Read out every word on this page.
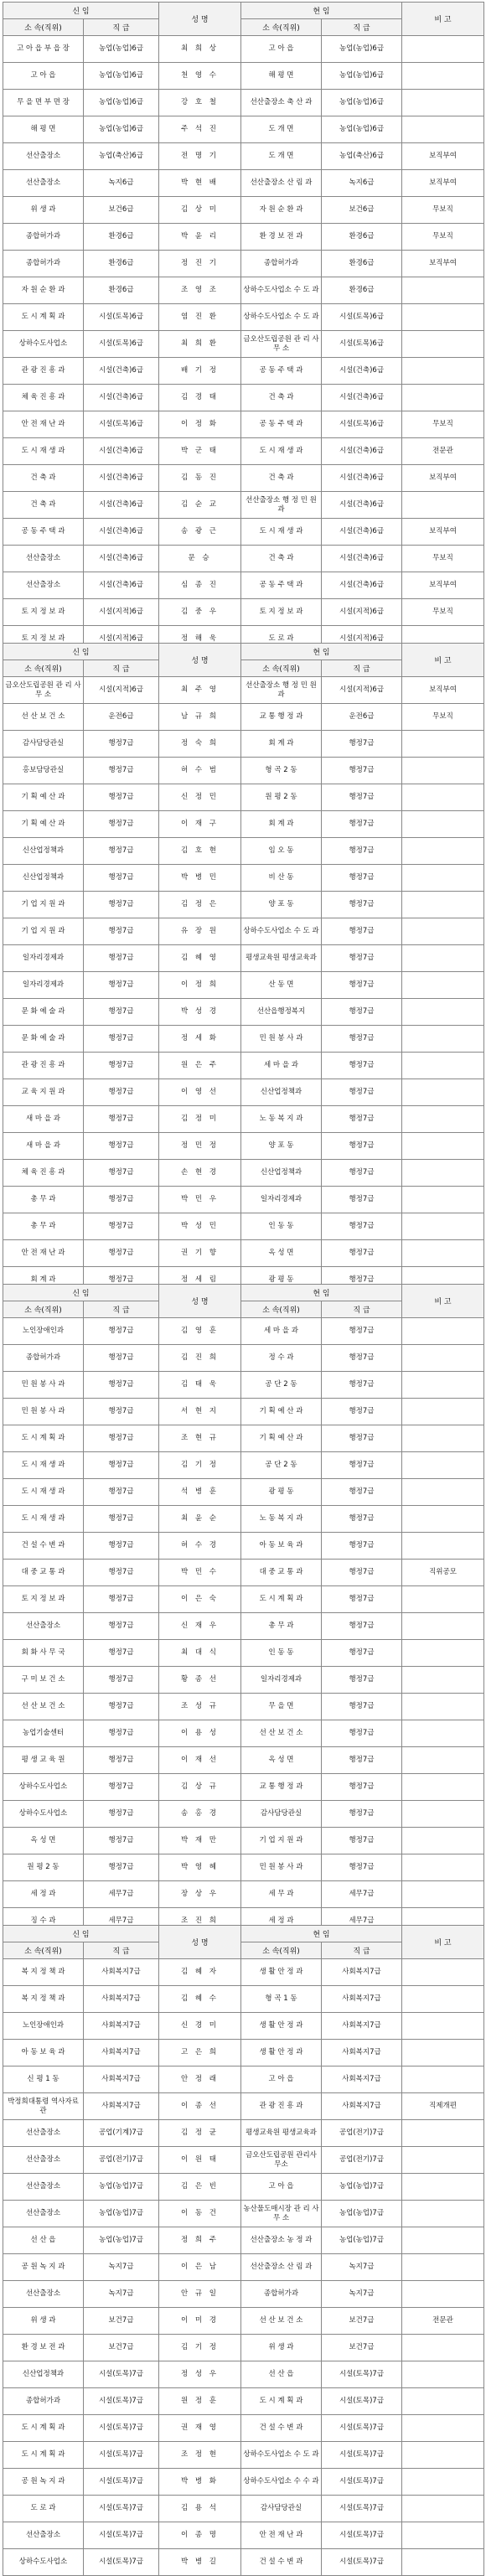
신 임		성 명	현 임		비 고
소 속(직위)	직 급		소 속(직위)	직 급	
고 아 읍 부 읍 장	농업(농업)6급	최 희 상	고 아 읍	농업(농업)6급	
고 아 읍	농업(농업)6급	천 영 수	해 평 면	농업(농업)6급	
무 을 면 부 면 장	농업(농업)6급	강 호 철	선산출장소 축 산 과	농업(농업)6급	
해 평 면	농업(농업)6급	주 석 진	도 개 면	농업(농업)6급	
선산출장소	농업(축산)6급	전 명 기	도 개 면	농업(축산)6급	보직부여
선산출장소	녹지6급	박 현 배	선산출장소 산 림 과	녹지6급	보직부여
위 생 과	보건6급	김 상 미	자 원 순 환 과	보건6급	무보직
종합허가과	환경6급	박 윤 리	환 경 보 전 과	환경6급	무보직
종합허가과	환경6급	정 진 기	종합허가과	환경6급	보직부여
자 원 순 환 과	환경6급	조 영 조	상하수도사업소 수 도 과	환경6급	
도 시 계 획 과	시설(토목)6급	염 진 환	상하수도사업소 수 도 과	시설(토목)6급	
상하수도사업소	시설(토목)6급	최 희 환	금오산도립공원 관 리 사 무 소	시설(토목)6급	
관 광 진 흥 과	시설(건축)6급	배 기 정	공 동 주 택 과	시설(건축)6급	
체 육 진 흥 과	시설(건축)6급	김 경 태	건 축 과	시설(건축)6급	
안 전 재 난 과	시설(토목)6급	이 정 화	공 동 주 택 과	시설(토목)6급	무보직
도 시 재 생 과	시설(건축)6급	박 군 태	도 시 재 생 과	시설(건축)6급	전문관
건 축 과	시설(건축)6급	김 동 진	건 축 과	시설(건축)6급	보직부여
건 축 과	시설(건축)6급	김 순 교	선산출장소 행 정 민 원 과	시설(건축)6급	
공 동 주 택 과	시설(건축)6급	송 광 근	도 시 재 생 과	시설(건축)6급	보직부여
선산출장소	시설(건축)6급	문 승	건 축 과	시설(건축)6급	무보직
선산출장소	시설(건축)6급	심 종 진	공 동 주 택 과	시설(건축)6급	보직부여
토 지 정 보 과	시설(지적)6급	김 중 우	토 지 정 보 과	시설(지적)6급	무보직
토 지 정 보 과	시설(지적)6급	정 해 욱	도 로 과	시설(지적)6급	
신 임		성 명	현 임		비 고
소 속(직위)	직 급		소 속(직위)	직 급	
금오산도립공원 관 리 사 무 소	시설(지적)6급	최 주 영	선산출장소 행 정 민 원 과	시설(지적)6급	보직부여
선 산 보 건 소	운전6급	남 규 희	교 통 행 정 과	운전6급	무보직
감사담당관실	행정7급	정 숙 희	회 계 과	행정7급	
홍보담당관실	행정7급	허 수 범	형 곡 2 동	행정7급	
기 획 예 산 과	행정7급	신 정 민	원 평 2 동	행정7급	
기 획 예 산 과	행정7급	이 재 구	회 계 과	행정7급	
신산업정책과	행정7급	김 호 현	임 오 동	행정7급	
신산업정책과	행정7급	박 병 민	비 산 동	행정7급	
기 업 지 원 과	행정7급	김 정 은	양 포 동	행정7급	
기 업 지 원 과	행정7급	유 장 원	상하수도사업소 수 도 과	행정7급	
일자리경제과	행정7급	김 혜 영	평생교육원 평생교육과	행정7급	
일자리경제과	행정7급	이 정 희	산 동 면	행정7급	
문 화 예 술 과	행정7급	박 성 경	선산읍행정복지	행정7급	
문 화 예 술 과	행정7급	정 세 화	민 원 봉 사 과	행정7급	
관 광 진 흥 과	행정7급	원 은 주	세 마 을 과	행정7급	
교 육 지 원 과	행정7급	이 영 선	신산업정책과	행정7급	
새 마 을 과	행정7급	김 정 미	노 동 복 지 과	행정7급	
새 마 을 과	행정7급	정 민 정	양 포 동	행정7급	
체 육 진 흥 과	행정7급	손 현 경	신산업정책과	행정7급	
총 무 과	행정7급	박 민 우	일자리경제과	행정7급	
총 무 과	행정7급	박 성 민	인 동 동	행정7급	
안 전 재 난 과	행정7급	권 기 향	옥 성 면	행정7급	
회 계 과	행정7급	정 세 림	광 평 동	행정7급	
신 임		성 명	현 임		비 고
소 속(직위)	직 급		소 속(직위)	직 급	
노인장애인과	행정7급	김 영 훈	세 마 을 과	행정7급	
종합허가과	행정7급	김 진 희	정 수 과	행정7급	
민 원 봉 사 과	행정7급	김 태 욱	공 단 2 동	행정7급	
민 원 봉 사 과	행정7급	서 현 지	기 획 예 산 과	행정7급	
도 시 계 획 과	행정7급	조 현 규	기 획 예 산 과	행정7급	
도 시 재 생 과	행정7급	김 기 정	공 단 2 동	행정7급	
도 시 재 생 과	행정7급	석 병 훈	광 평 동	행정7급	
도 시 재 생 과	행정7급	최 윤 순	노 동 복 지 과	행정7급	
건 설 수 변 과	행정7급	허 수 경	아 동 보 육 과	행정7급	
대 중 교 통 과	행정7급	박 민 수	대 중 교 통 과	행정7급	직위공모
토 지 정 보 과	행정7급	이 은 숙	도 시 계 획 과	행정7급	
선산출장소	행정7급	신 재 우	총 무 과	행정7급	
회 화 사 무 국	행정7급	최 대 식	인 동 동	행정7급	
구 미 보 건 소	행정7급	황 종 선	일자리경제과	행정7급	
선 산 보 건 소	행정7급	조 성 규	무 을 면	행정7급	
농업기술센터	행정7급	이 용 성	선 산 보 건 소	행정7급	
평 생 교 육 원	행정7급	이 재 선	옥 성 면	행정7급	
상하수도사업소	행정7급	김 상 규	교 통 행 정 과	행정7급	
상하수도사업소	행정7급	송 홍 경	감사담당관실	행정7급	
옥 성 면	행정7급	박 재 만	기 업 지 원 과	행정7급	
원 평 2 동	행정7급	박 영 혜	민 원 봉 사 과	행정7급	
세 정 과	세무7급	장 상 우	세 무 과	세무7급	
징 수 과	세무7급	조 진 희	세 정 과	세무7급	
신 임		성 명	현 임		비 고
소 속(직위)	직 급		소 속(직위)	직 급	
복 지 정 책 과	사회복지7급	김 혜 자	생 활 안 정 과	사회복지7급	
복 지 정 책 과	사회복지7급	김 혜 수	형 곡 1 동	사회복지7급	
노인장애인과	사회복지7급	신 경 미	생 활 안 정 과	사회복지7급	
아 동 보 육 과	사회복지7급	고 은 희	생 활 안 정 과	사회복지7급	
신 평 1 동	사회복지7급	안 정 래	고 아 읍	사회복지7급	
박정희대통령 역사자료관	사회복지7급	이 종 선	관 광 진 흥 과	사회복지7급	직제개편
선산출장소	공업(기계)7급	김 정 균	평생교육원 평생교육과	공업(전기)7급	
선산출장소	공업(전기)7급	이 원 태	금오산도립공원 관리사무소	공업(전기)7급	
선산출장소	농업(농업)7급	김 은 빈	고 아 읍	농업(농업)7급	
선산출장소	농업(농업)7급	이 동 건	농산물도매시장 관 리 사 무 소	농업(농업)7급	
선 산 읍	농업(농업)7급	정 희 주	선산출장소 농 정 과	농업(농업)7급	
공 원 녹 지 과	녹지7급	이 은 남	선산출장소 산 림 과	녹지7급	
선산출장소	녹지7급	안 규 일	종합허가과	녹지7급	
위 생 과	보건7급	이 미 경	선 산 보 건 소	보건7급	전문관
환 경 보 전 과	보건7급	김 기 정	위 생 과	보건7급	
신산업정책과	시설(토목)7급	정 성 우	선 산 읍	시설(토목)7급	
종합허가과	시설(토목)7급	원 정 훈	도 시 계 획 과	시설(토목)7급	
도 시 계 획 과	시설(토목)7급	권 재 영	건 설 수 변 과	시설(토목)7급	
도 시 계 획 과	시설(토목)7급	조 정 현	상하수도사업소 수 도 과	시설(토목)7급	
공 원 녹 지 과	시설(토목)7급	박 병 화	상하수도사업소 수 수 과	시설(토목)7급	
도 로 과	시설(토목)7급	김 용 석	감사담당관실	시설(토목)7급	
선산출장소	시설(토목)7급	이 종 명	안 전 재 난 과	시설(토목)7급	
상하수도사업소	시설(토목)7급	박 병 길	건 설 수 변 과	시설(토목)7급	
